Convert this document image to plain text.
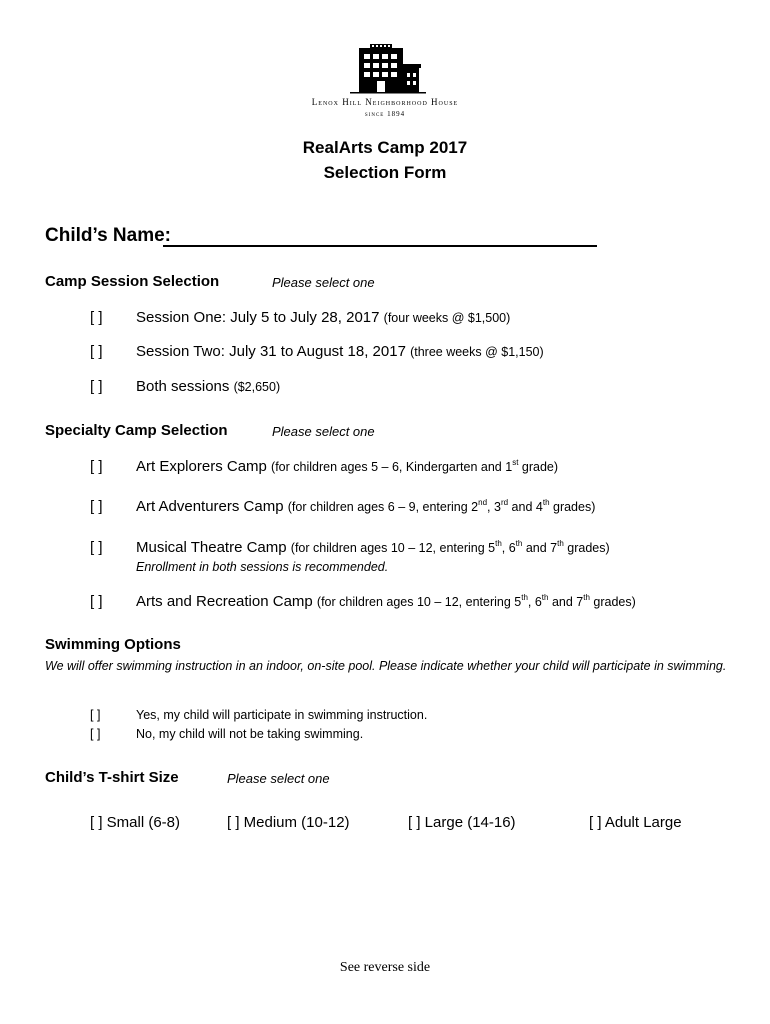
Lenox Hill Neighborhood House
since 1894
RealArts Camp 2017
Selection Form
Child’s Name:
Camp Session Selection	Please select one
[ ] Session One: July 5 to July 28, 2017 (four weeks @ $1,500)
[ ] Session Two: July 31 to August 18, 2017 (three weeks @ $1,150)
[ ] Both sessions ($2,650)
Specialty Camp Selection	Please select one
[ ] Art Explorers Camp (for children ages 5 – 6, Kindergarten and 1st grade)
[ ] Art Adventurers Camp (for children ages 6 – 9, entering 2nd, 3rd and 4th grades)
[ ] Musical Theatre Camp (for children ages 10 – 12, entering 5th, 6th and 7th grades)
Enrollment in both sessions is recommended.
[ ] Arts and Recreation Camp (for children ages 10 – 12, entering 5th, 6th and 7th grades)
Swimming Options
We will offer swimming instruction in an indoor, on-site pool. Please indicate whether your child will participate in swimming.
[ ]	Yes, my child will participate in swimming instruction.
[ ]	No, my child will not be taking swimming.
Child’s T-shirt Size	Please select one
[ ] Small (6-8)	[ ] Medium (10-12)	[ ] Large (14-16)	[ ] Adult Large
See reverse side
